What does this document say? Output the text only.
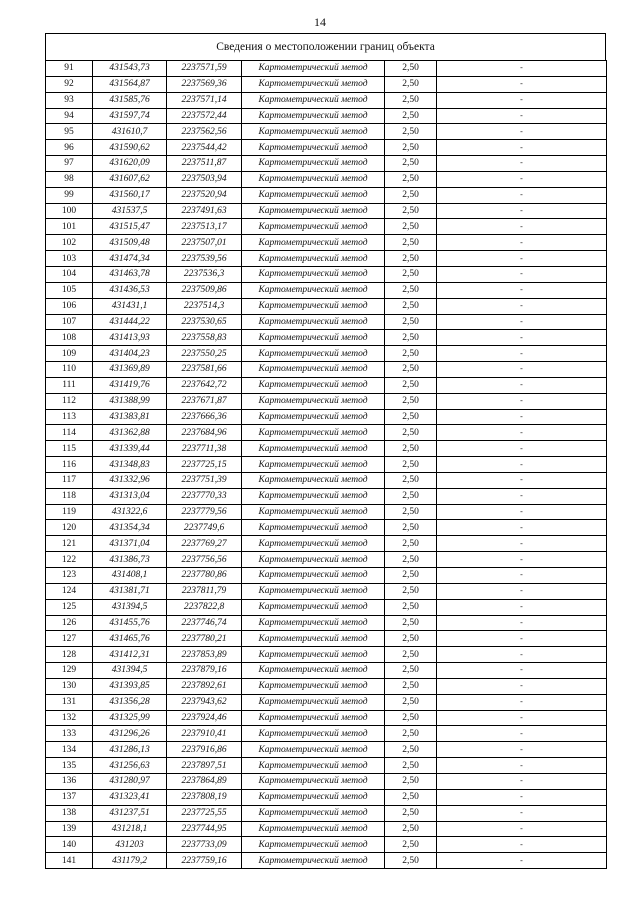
14
Сведения о местоположении границ объекта
91	431543,73	2237571,59	Картометрический метод	2,50	-
92	431564,87	2237569,36	Картометрический метод	2,50	-
93	431585,76	2237571,14	Картометрический метод	2,50	-
94	431597,74	2237572,44	Картометрический метод	2,50	-
95	431610,7	2237562,56	Картометрический метод	2,50	-
96	431590,62	2237544,42	Картометрический метод	2,50	-
97	431620,09	2237511,87	Картометрический метод	2,50	-
98	431607,62	2237503,94	Картометрический метод	2,50	-
99	431560,17	2237520,94	Картометрический метод	2,50	-
100	431537,5	2237491,63	Картометрический метод	2,50	-
101	431515,47	2237513,17	Картометрический метод	2,50	-
102	431509,48	2237507,01	Картометрический метод	2,50	-
103	431474,34	2237539,56	Картометрический метод	2,50	-
104	431463,78	2237536,3	Картометрический метод	2,50	-
105	431436,53	2237509,86	Картометрический метод	2,50	-
106	431431,1	2237514,3	Картометрический метод	2,50	-
107	431444,22	2237530,65	Картометрический метод	2,50	-
108	431413,93	2237558,83	Картометрический метод	2,50	-
109	431404,23	2237550,25	Картометрический метод	2,50	-
110	431369,89	2237581,66	Картометрический метод	2,50	-
111	431419,76	2237642,72	Картометрический метод	2,50	-
112	431388,99	2237671,87	Картометрический метод	2,50	-
113	431383,81	2237666,36	Картометрический метод	2,50	-
114	431362,88	2237684,96	Картометрический метод	2,50	-
115	431339,44	2237711,38	Картометрический метод	2,50	-
116	431348,83	2237725,15	Картометрический метод	2,50	-
117	431332,96	2237751,39	Картометрический метод	2,50	-
118	431313,04	2237770,33	Картометрический метод	2,50	-
119	431322,6	2237779,56	Картометрический метод	2,50	-
120	431354,34	2237749,6	Картометрический метод	2,50	-
121	431371,04	2237769,27	Картометрический метод	2,50	-
122	431386,73	2237756,56	Картометрический метод	2,50	-
123	431408,1	2237780,86	Картометрический метод	2,50	-
124	431381,71	2237811,79	Картометрический метод	2,50	-
125	431394,5	2237822,8	Картометрический метод	2,50	-
126	431455,76	2237746,74	Картометрический метод	2,50	-
127	431465,76	2237780,21	Картометрический метод	2,50	-
128	431412,31	2237853,89	Картометрический метод	2,50	-
129	431394,5	2237879,16	Картометрический метод	2,50	-
130	431393,85	2237892,61	Картометрический метод	2,50	-
131	431356,28	2237943,62	Картометрический метод	2,50	-
132	431325,99	2237924,46	Картометрический метод	2,50	-
133	431296,26	2237910,41	Картометрический метод	2,50	-
134	431286,13	2237916,86	Картометрический метод	2,50	-
135	431256,63	2237897,51	Картометрический метод	2,50	-
136	431280,97	2237864,89	Картометрический метод	2,50	-
137	431323,41	2237808,19	Картометрический метод	2,50	-
138	431237,51	2237725,55	Картометрический метод	2,50	-
139	431218,1	2237744,95	Картометрический метод	2,50	-
140	431203	2237733,09	Картометрический метод	2,50	-
141	431179,2	2237759,16	Картометрический метод	2,50	-
